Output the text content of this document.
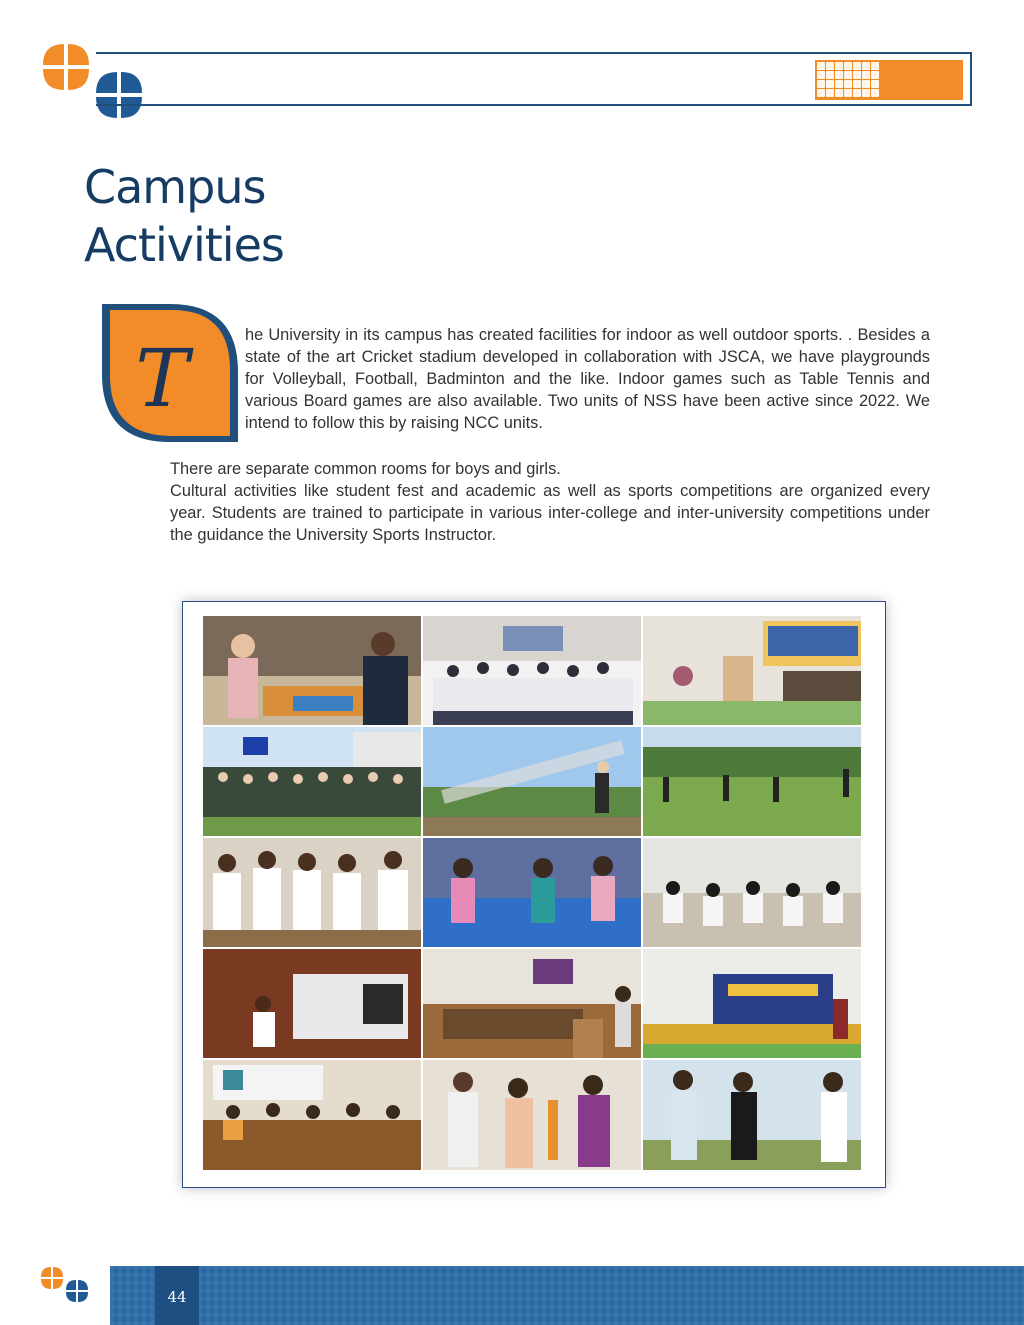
Campus
Activities
T	he University in its campus has created facilities for indoor as well outdoor sports. . Besides a state of the art Cricket stadium developed in collaboration with JSCA, we have playgrounds for Volleyball, Football, Badminton and the like. Indoor games such as Table Tennis and various Board games are also available. Two units of NSS have been active since 2022. We intend to follow this by raising NCC units.

There are separate common rooms for boys and girls.

Cultural activities like student fest and academic as well as sports competitions are organized every year. Students are trained to participate in various inter-college and inter-university competitions under the guidance the University Sports Instructor.

44
